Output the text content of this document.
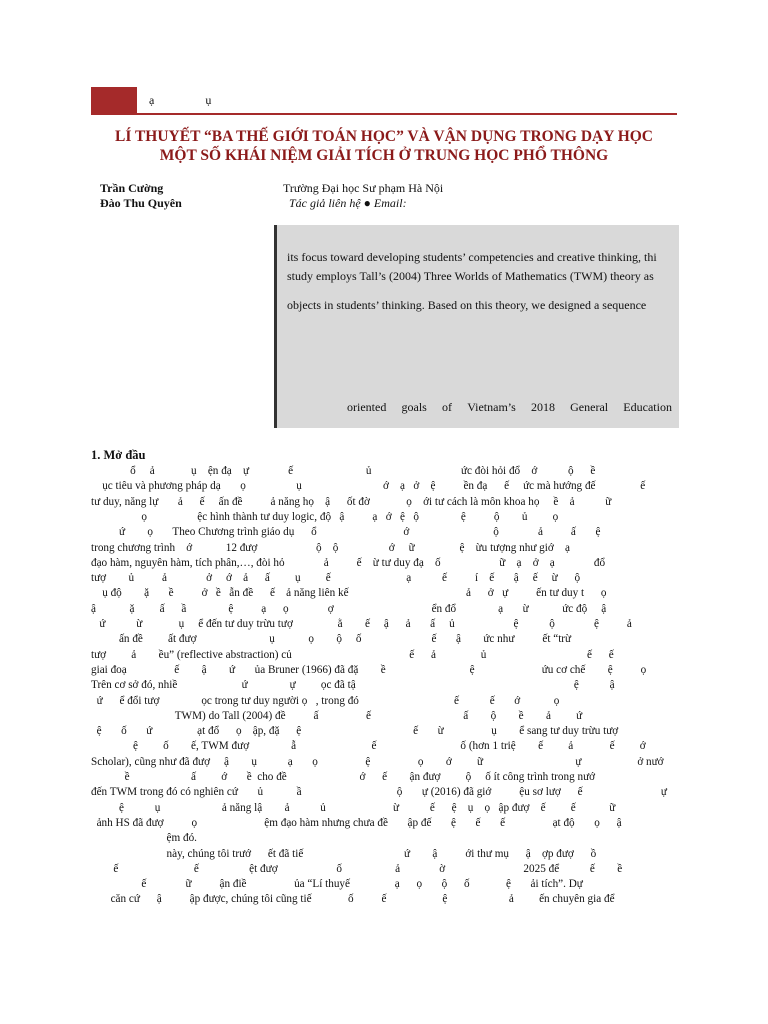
ạ	ụ
LÍ THUYẾT “BA THẾ GIỚI TOÁN HỌC” VÀ VẬN DỤNG TRONG DẠY HỌC
MỘT SỐ KHÁI NIỆM GIẢI TÍCH Ở TRUNG HỌC PHỔ THÔNG
Trần Cường
Đào Thu Quyên
Trường Đại học Sư phạm Hà Nội
Tác giả liên hệ ● Email:
its focus toward developing students’ competencies and creative thinking, thi
study employs Tall’s (2004) Three Worlds of Mathematics (TWM) theory as
objects in students’ thinking. Based on this theory, we designed a sequence
oriented goals of Vietnam’s 2018 General Education
1. Mở đầu
ổ     ả             ụ    ện đạ    ự              ế                          ủ                                ức đòi hỏi đổ    ớ           ộ      ề
ục tiêu và phương pháp dạ       ọ                  ụ                             ớ    ạ   ở    ệ          ền đạ      ế     ức mà hướng đế                ế
tư duy, năng lự       ả      ế     ấn đề          ả năng họ    ậ      ốt đờ             ọ    ới tư cách là môn khoa họ     ề    ả           ữ
ọ                  ệc hình thành tư duy logic, độ   ậ          ạ   ớ   ệ   ộ               ệ          ộ        ủ         ọ
ứ        ọ       Theo Chương trình giáo dụ      ổ                               ớ                              ộ              ả          ấ       ệ
trong chương trình    ớ            12 đượ                     ộ    ộ                  ớ     ữ                ệ    ừu tượng như giớ    ạ
đạo hàm, nguyên hàm, tích phân,…, đòi hỏ              ả          ế    ừ tư duy đạ    ố                     ữ    ạ    ở    ạ              đổ
tượ        ủ          ả              ở     ớ    ả      ấ         ụ         ế                           ạ           ế          í    ế       ậ     ế     ừ      ộ
ụ độ        ặ       ề          ở   ề   ẫn đề      ế    ả năng liên kế                                          ả      ở   ự          ến tư duy t      ọ
ậ            ặ         ấ      ầ               ệ          ạ      ọ              ợ                                   ển đổ               ạ       ừ            ức độ     ậ
ứ           ừ             ụ     ể đến tư duy trừu tượ                ằ        ế     ậ      ả       ấ     ủ                     ệ           ộ              ệ          ả
ấn đề         ất đượ                          ụ            ọ        ộ     ố                         ế       ậ        ức như          ết “trừ
tượ         ả        ều” (reflective abstraction) củ                                          ế      ả                ủ                                    ế      ế
giai đoạ                 ế        ậ        ứ       ủa Bruner (1966) đã đặ        ề                              ệ                        ứu cơ chế        ệ          ọ
Trên cơ sở đó, nhiề                       ứ               ự         ọc đã tậ                                                                              ệ           ậ
ứ      ể đổi tượ               ọc trong tư duy người ọ   , trong đó                                  ế           ế       ớ            ọ
TWM) do Tall (2004) đề          ấ                 ế                                 ấ        ộ        ề        ả         ứ
ệ       ố       ứ                ạt đổ      ọ    ập, đặ      ệ                                        ế       ừ                 ụ        ể sang tư duy trừu tượ
ệ         ố        ế, TWM đượ               ẫ                           ế                              ố (hơn 1 triệ        ế         ả             ế         ớ
Scholar), cũng như đã đượ     ậ        ụ           ạ       ọ                 ệ                 ọ        ớ         ữ                                 ự                    ở nướ
ề                      ấ         ớ       ề  cho đề                          ớ      ế        ận đượ         ộ     ố ít công trình trong nướ
đến TWM trong đó có nghiên cứ       ủ            ầ                                  ộ       ự (2016) đã giớ          ệu sơ lượ      ế                            ự
ệ           ụ                      ả năng lậ        ả           ủ                        ừ           ế      ệ    ụ    ọ   ập đượ    ế         ế            ữ
ảnh HS đã đượ          ọ                        ệm đạo hàm nhưng chưa đề       ập đế       ệ       ế       ế                 ạt độ       ọ      ậ
ệm đó.
này, chúng tôi trướ      ết đã tiế                                    ứ        ậ          ới thư mụ      ậ    ợp đượ      ồ
ế                           ế                  ệt đượ                     ố                   ả              ờ                            2025 để           ế        ề
ế              ữ          ận điề                 ủa “Lí thuyế                ạ      ọ       ộ      ố             ệ       ải tích”. Dự
căn cứ      ậ          ập được, chúng tôi cũng tiế             ố          ế                    ệ                      ả         ến chuyên gia để
